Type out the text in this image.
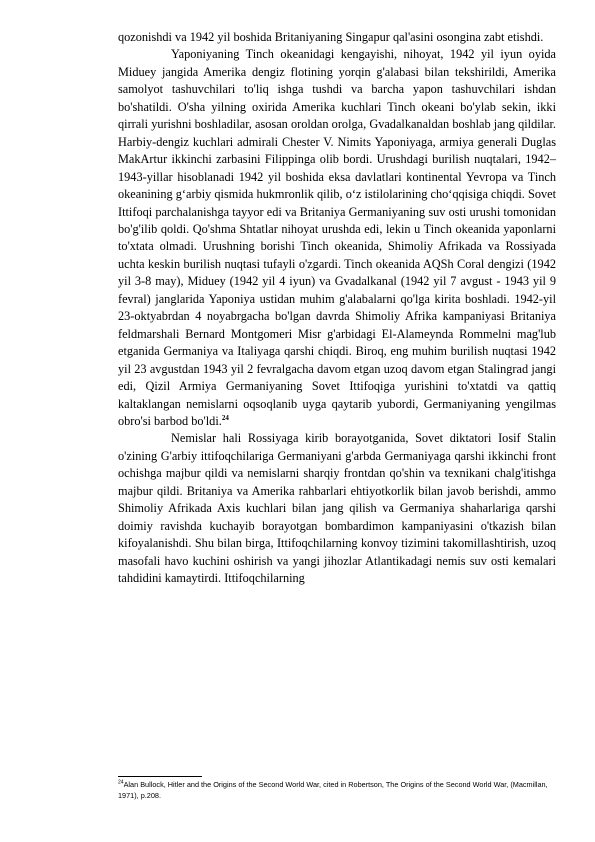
qozonishdi va 1942 yil boshida Britaniyaning Singapur qal'asini osongina zabt etishdi.

Yaponiyaning Tinch okeanidagi kengayishi, nihoyat, 1942 yil iyun oyida Miduey jangida Amerika dengiz flotining yorqin g'alabasi bilan tekshirildi, Amerika samolyot tashuvchilari to'liq ishga tushdi va barcha yapon tashuvchilari ishdan bo'shatildi. O'sha yilning oxirida Amerika kuchlari Tinch okeani bo'ylab sekin, ikki qirrali yurishni boshladilar, asosan oroldan orolga, Gvadalkanaldan boshlab jang qildilar. Harbiy-dengiz kuchlari admirali Chester V. Nimits Yaponiyaga, armiya generali Duglas MakArtur ikkinchi zarbasini Filippinga olib bordi. Urushdagi burilish nuqtalari, 1942–1943-yillar hisoblanadi 1942 yil boshida eksa davlatlari kontinental Yevropa va Tinch okeanining g‘arbiy qismida hukmronlik qilib, o‘z istilolarining cho‘qqisiga chiqdi. Sovet Ittifoqi parchalanishga tayyor edi va Britaniya Germaniyaning suv osti urushi tomonidan bo'g'ilib qoldi. Qo'shma Shtatlar nihoyat urushda edi, lekin u Tinch okeanida yaponlarni to'xtata olmadi. Urushning borishi Tinch okeanida, Shimoliy Afrikada va Rossiyada uchta keskin burilish nuqtasi tufayli o'zgardi. Tinch okeanida AQSh Coral dengizi (1942 yil 3-8 may), Miduey (1942 yil 4 iyun) va Gvadalkanal (1942 yil 7 avgust - 1943 yil 9 fevral) janglarida Yaponiya ustidan muhim g'alabalarni qo'lga kirita boshladi. 1942-yil 23-oktyabrdan 4 noyabrgacha bo'lgan davrda Shimoliy Afrika kampaniyasi Britaniya feldmarshali Bernard Montgomeri Misr g'arbidagi El-Alameynda Rommelni mag'lub etganida Germaniya va Italiyaga qarshi chiqdi. Biroq, eng muhim burilish nuqtasi 1942 yil 23 avgustdan 1943 yil 2 fevralgacha davom etgan uzoq davom etgan Stalingrad jangi edi, Qizil Armiya Germaniyaning Sovet Ittifoqiga yurishini to'xtatdi va qattiq kaltaklangan nemislarni oqsoqlanib uyga qaytarib yubordi, Germaniyaning yengilmas obro'si barbod bo'ldi.$^{24}$

Nemislar hali Rossiyaga kirib borayotganida, Sovet diktatori Iosif Stalin o'zining G'arbiy ittifoqchilariga Germaniyani g'arbda Germaniyaga qarshi ikkinchi front ochishga majbur qildi va nemislarni sharqiy frontdan qo'shin va texnikani chalg'itishga majbur qildi. Britaniya va Amerika rahbarlari ehtiyotkorlik bilan javob berishdi, ammo Shimoliy Afrikada Axis kuchlari bilan jang qilish va Germaniya shaharlariga qarshi doimiy ravishda kuchayib borayotgan bombardimon kampaniyasini o'tkazish bilan kifoyalanishdi. Shu bilan birga, Ittifoqchilarning konvoy tizimini takomillashtirish, uzoq masofali havo kuchini oshirish va yangi jihozlar Atlantikadagi nemis suv osti kemalari tahdidini kamaytirdi. Ittifoqchilarning

$^{24}$Alan Bullock, Hitler and the Origins of the Second World War, cited in Robertson, The Origins of the Second World War, (Macmillan, 1971), p.208.
